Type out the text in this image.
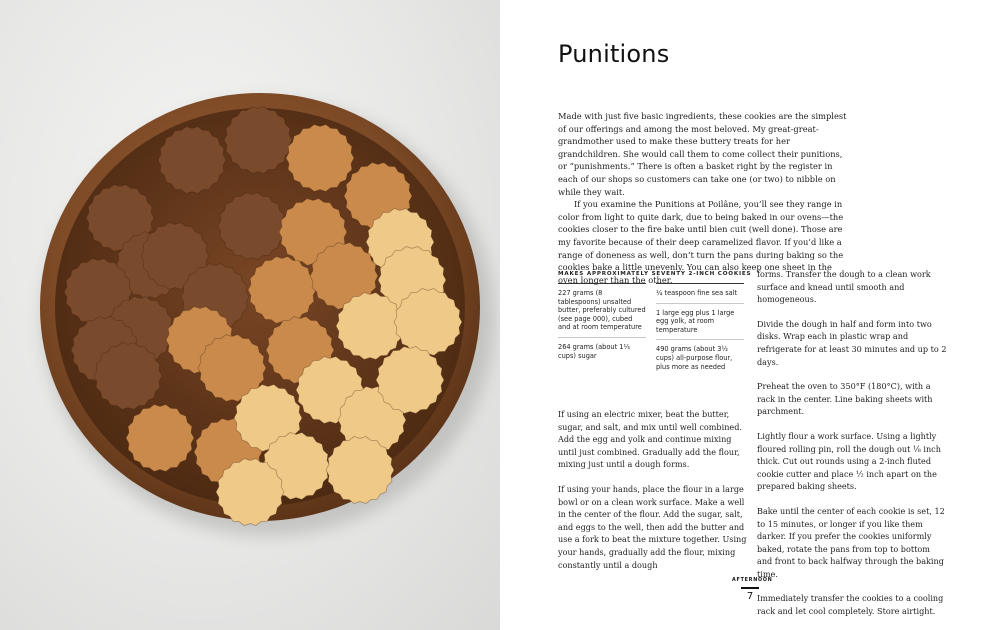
Punitions

Made with just five basic ingredients, these cookies are the simplest of our offerings and among the most beloved. My great-great-grandmother used to make these buttery treats for her grandchildren. She would call them to come collect their punitions, or “punishments.” There is often a basket right by the register in each of our shops so customers can take one (or two) to nibble on while they wait.

If you examine the Punitions at Poilâne, you’ll see they range in color from light to quite dark, due to being baked in our ovens—the cookies closer to the fire bake until bien cuit (well done). Those are my favorite because of their deep caramelized flavor. If you’d like a range of doneness as well, don’t turn the pans during baking so the cookies bake a little unevenly. You can also keep one sheet in the oven longer than the other.

MAKES APPROXIMATELY SEVENTY 2-INCH COOKIES
227 grams (8 tablespoons) unsalted butter, preferably cultured (see page 000), cubed and at room temperature
264 grams (about 1⅓ cups) sugar
¼ teaspoon fine sea salt
1 large egg plus 1 large egg yolk, at room temperature
490 grams (about 3½ cups) all-purpose flour, plus more as needed

If using an electric mixer, beat the butter, sugar, and salt, and mix until well combined. Add the egg and yolk and continue mixing until just combined. Gradually add the flour, mixing just until a dough forms.

If using your hands, place the flour in a large bowl or on a clean work surface. Make a well in the center of the flour. Add the sugar, salt, and eggs to the well, then add the butter and use a fork to beat the mixture together. Using your hands, gradually add the flour, mixing constantly until a dough

forms. Transfer the dough to a clean work surface and knead until smooth and homogeneous.

Divide the dough in half and form into two disks. Wrap each in plastic wrap and refrigerate for at least 30 minutes and up to 2 days.

Preheat the oven to 350°F (180°C), with a rack in the center. Line baking sheets with parchment.

Lightly flour a work surface. Using a lightly floured rolling pin, roll the dough out ⅛ inch thick. Cut out rounds using a 2-inch fluted cookie cutter and place ½ inch apart on the prepared baking sheets.

Bake until the center of each cookie is set, 12 to 15 minutes, or longer if you like them darker. If you prefer the cookies uniformly baked, rotate the pans from top to bottom and front to back halfway through the baking time.

Immediately transfer the cookies to a cooling rack and let cool completely. Store airtight.

AFTERNOON
7
